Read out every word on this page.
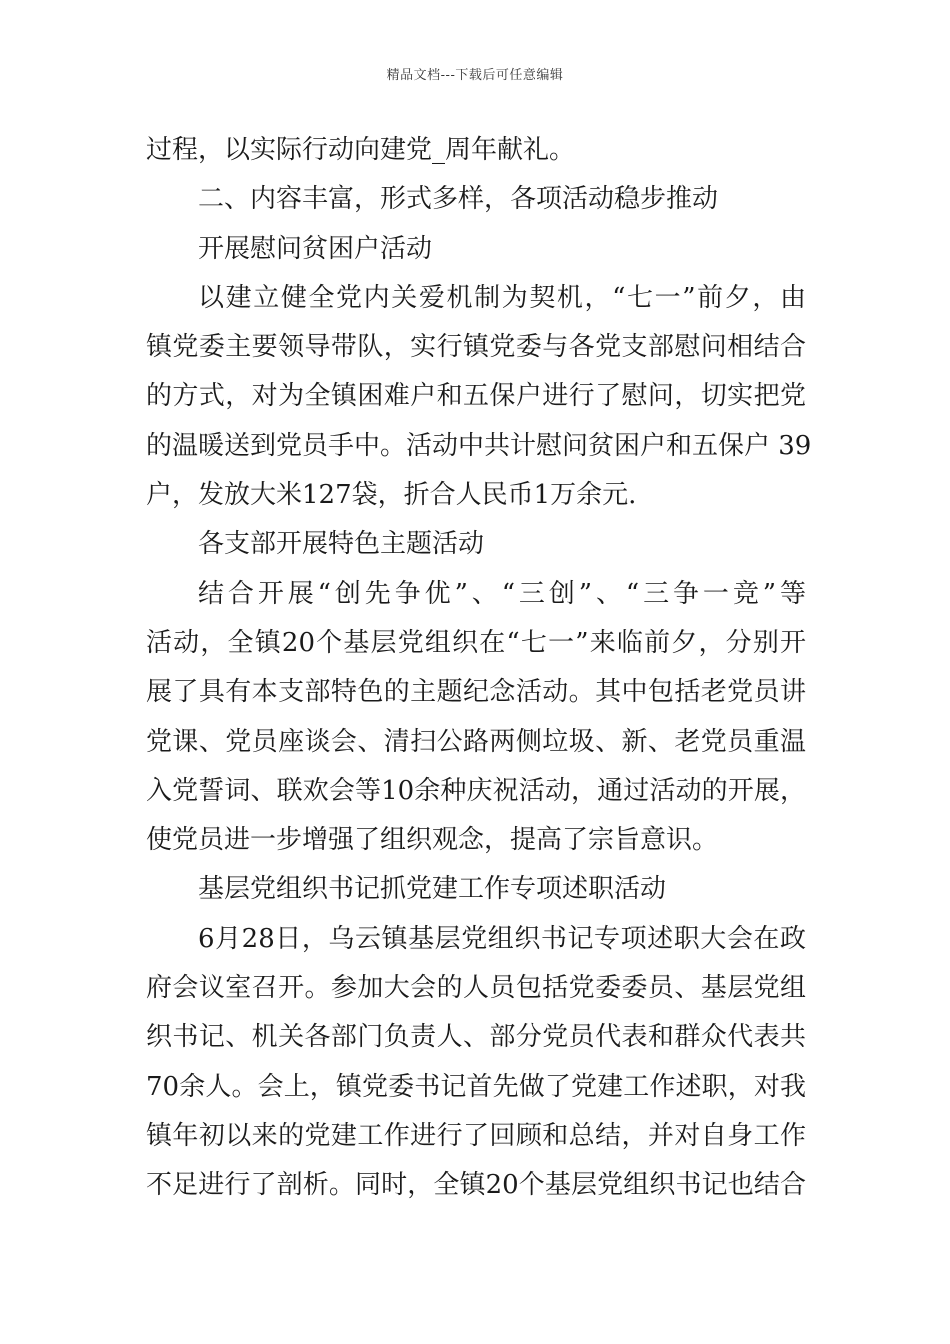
精品文档---下载后可任意编辑
过程，以实际行动向建党_周年献礼。
二、内容丰富，形式多样，各项活动稳步推动
开展慰问贫困户活动
以建立健全党内关爱机制为契机，“七一”前夕，由
镇党委主要领导带队，实行镇党委与各党支部慰问相结合
的方式，对为全镇困难户和五保户进行了慰问，切实把党
的温暖送到党员手中。活动中共计慰问贫困户和五保户 39
户，发放大米127袋，折合人民币1万余元.
各支部开展特色主题活动
结合开展“创先争优”、“三创”、“三争一竞”等
活动，全镇20个基层党组织在“七一”来临前夕，分别开
展了具有本支部特色的主题纪念活动。其中包括老党员讲
党课、党员座谈会、清扫公路两侧垃圾、新、老党员重温
入党誓词、联欢会等10余种庆祝活动，通过活动的开展，
使党员进一步增强了组织观念，提高了宗旨意识。
基层党组织书记抓党建工作专项述职活动
6月28日，乌云镇基层党组织书记专项述职大会在政
府会议室召开。参加大会的人员包括党委委员、基层党组
织书记、机关各部门负责人、部分党员代表和群众代表共
70余人。会上，镇党委书记首先做了党建工作述职，对我
镇年初以来的党建工作进行了回顾和总结，并对自身工作
不足进行了剖析。同时，全镇20个基层党组织书记也结合
